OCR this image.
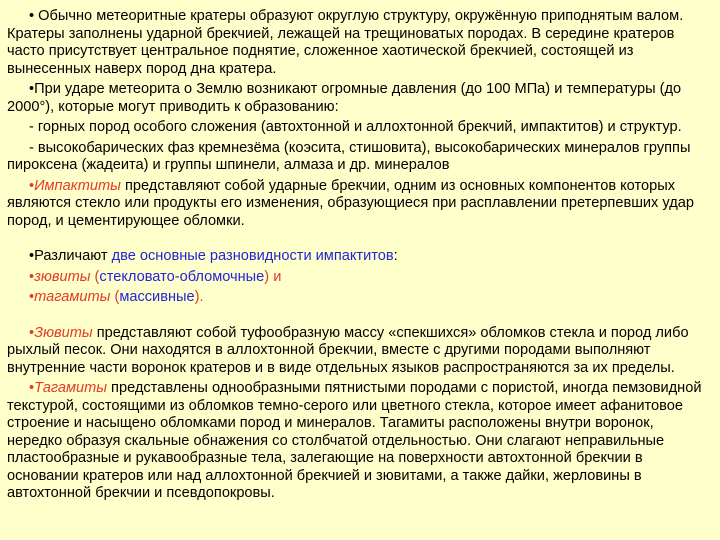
• Обычно метеоритные кратеры образуют округлую структуру, окружённую приподнятым валом. Кратеры заполнены ударной брекчией, лежащей на трещиноватых породах. В середине кратеров часто присутствует центральное поднятие, сложенное хаотической брекчией, состоящей из вынесенных наверх пород дна кратера.

•При ударе метеорита о Землю возникают огромные давления (до 100 МПа) и температуры (до 2000°), которые могут приводить к образованию:

- горных пород особого сложения (автохтонной и аллохтонной брекчий, импактитов) и структур.

- высокобарических фаз кремнезёма (коэсита, стишовита), высокобарических минералов группы пироксена (жадеита) и группы шпинели, алмаза и др. минералов

•Импактиты представляют собой ударные брекчии, одним из основных компонентов которых являются стекло или продукты его изменения, образующиеся при расплавлении претерпевших удар пород, и цементирующее обломки.

•Различают две основные разновидности импактитов:

•зювиты (стекловато-обломочные) и

•тагамиты (массивные).

•Зювиты представляют собой туфообразную массу «спекшихся» обломков стекла и пород либо рыхлый песок. Они находятся в аллохтонной брекчии, вместе с другими породами выполняют внутренние части воронок кратеров и в виде отдельных языков распространяются за их пределы.

•Тагамиты представлены однообразными пятнистыми породами с пористой, иногда пемзовидной текстурой, состоящими из обломков темно-серого или цветного стекла, которое имеет афанитовое строение и насыщено обломками пород и минералов. Тагамиты расположены внутри воронок, нередко образуя скальные обнажения со столбчатой отдельностью. Они слагают неправильные пластообразные и рукавообразные тела, залегающие на поверхности автохтонной брекчии в основании кратеров или над аллохтонной брекчией и зювитами, а также дайки, жерловины в автохтонной брекчии и псевдопокровы.
